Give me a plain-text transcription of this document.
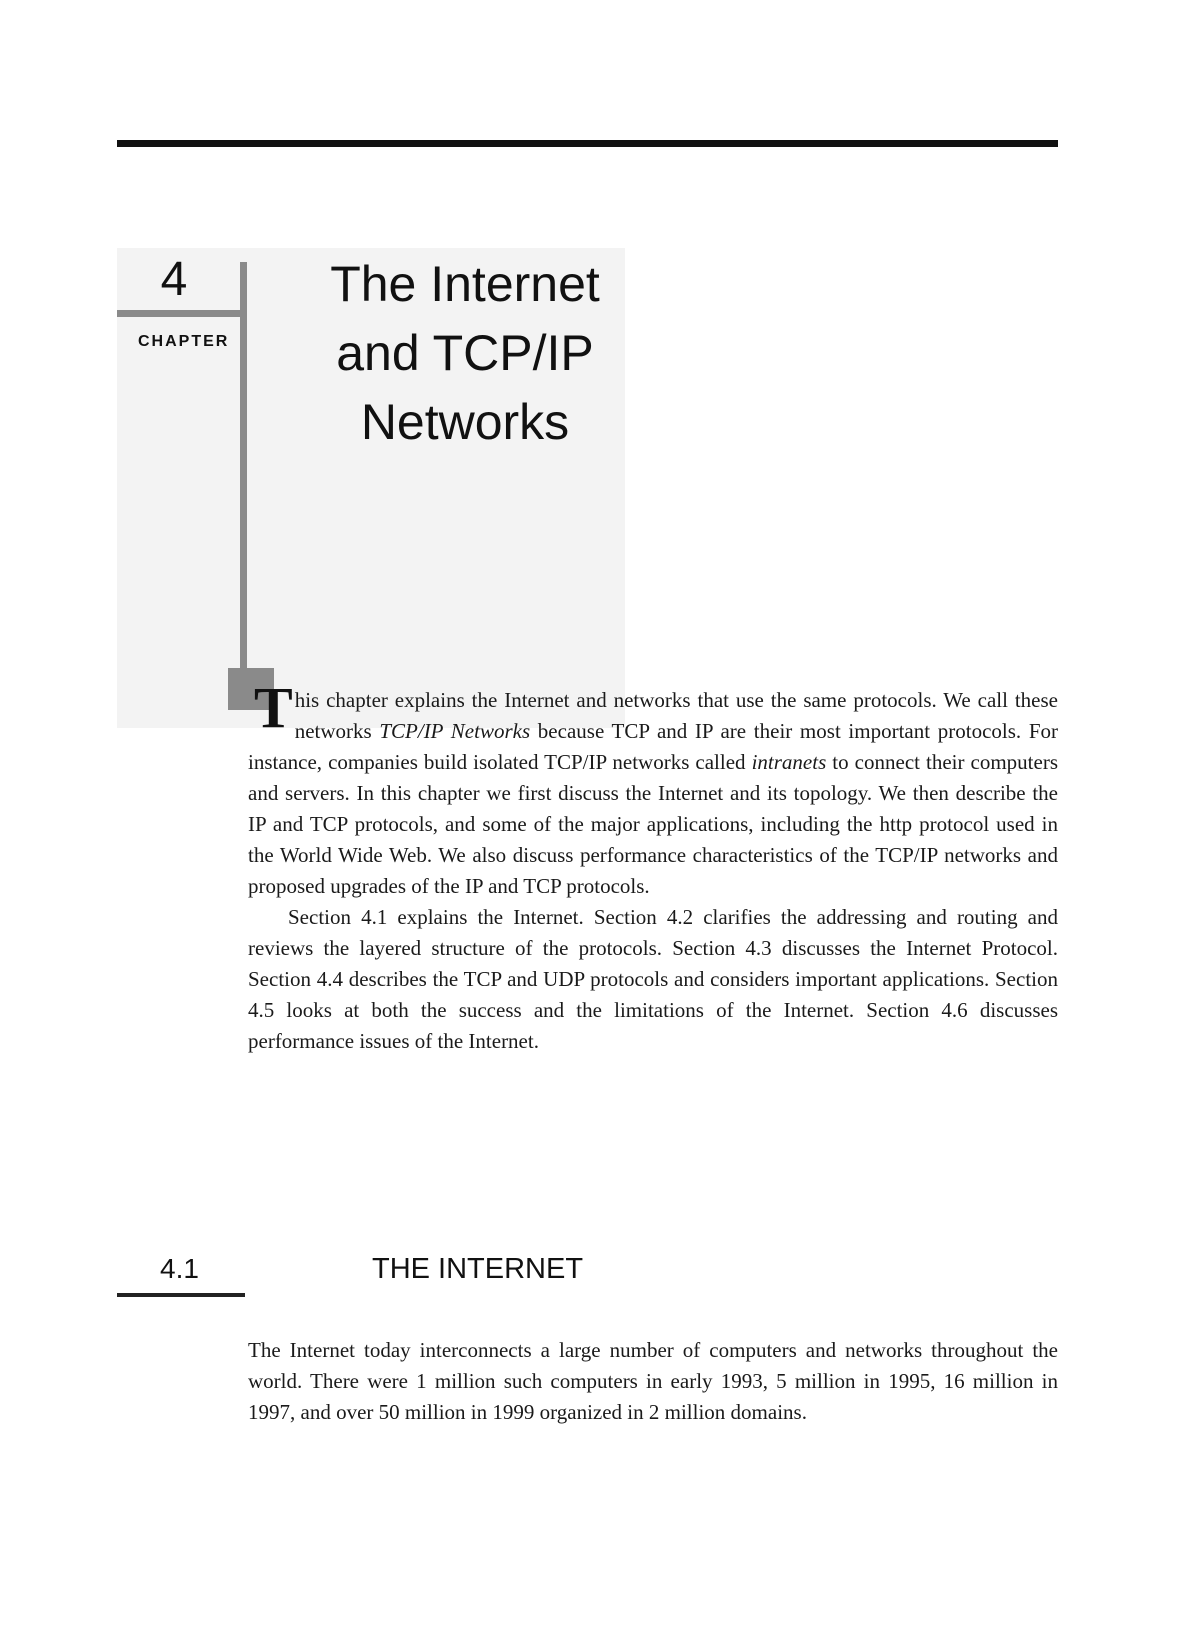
4
CHAPTER
The Internet
and TCP/IP
Networks

This chapter explains the Internet and networks that use the same protocols. We call these networks TCP/IP Networks because TCP and IP are their most important protocols. For instance, companies build isolated TCP/IP networks called intranets to connect their computers and servers. In this chapter we first discuss the Internet and its topology. We then describe the IP and TCP protocols, and some of the major applications, including the http protocol used in the World Wide Web. We also discuss performance characteristics of the TCP/IP networks and proposed upgrades of the IP and TCP protocols.

Section 4.1 explains the Internet. Section 4.2 clarifies the addressing and routing and reviews the layered structure of the protocols. Section 4.3 discusses the Internet Protocol. Section 4.4 describes the TCP and UDP protocols and considers important applications. Section 4.5 looks at both the success and the limitations of the Internet. Section 4.6 discusses performance issues of the Internet.

4.1	THE INTERNET

The Internet today interconnects a large number of computers and networks throughout the world. There were 1 million such computers in early 1993, 5 million in 1995, 16 million in 1997, and over 50 million in 1999 organized in 2 million domains.
